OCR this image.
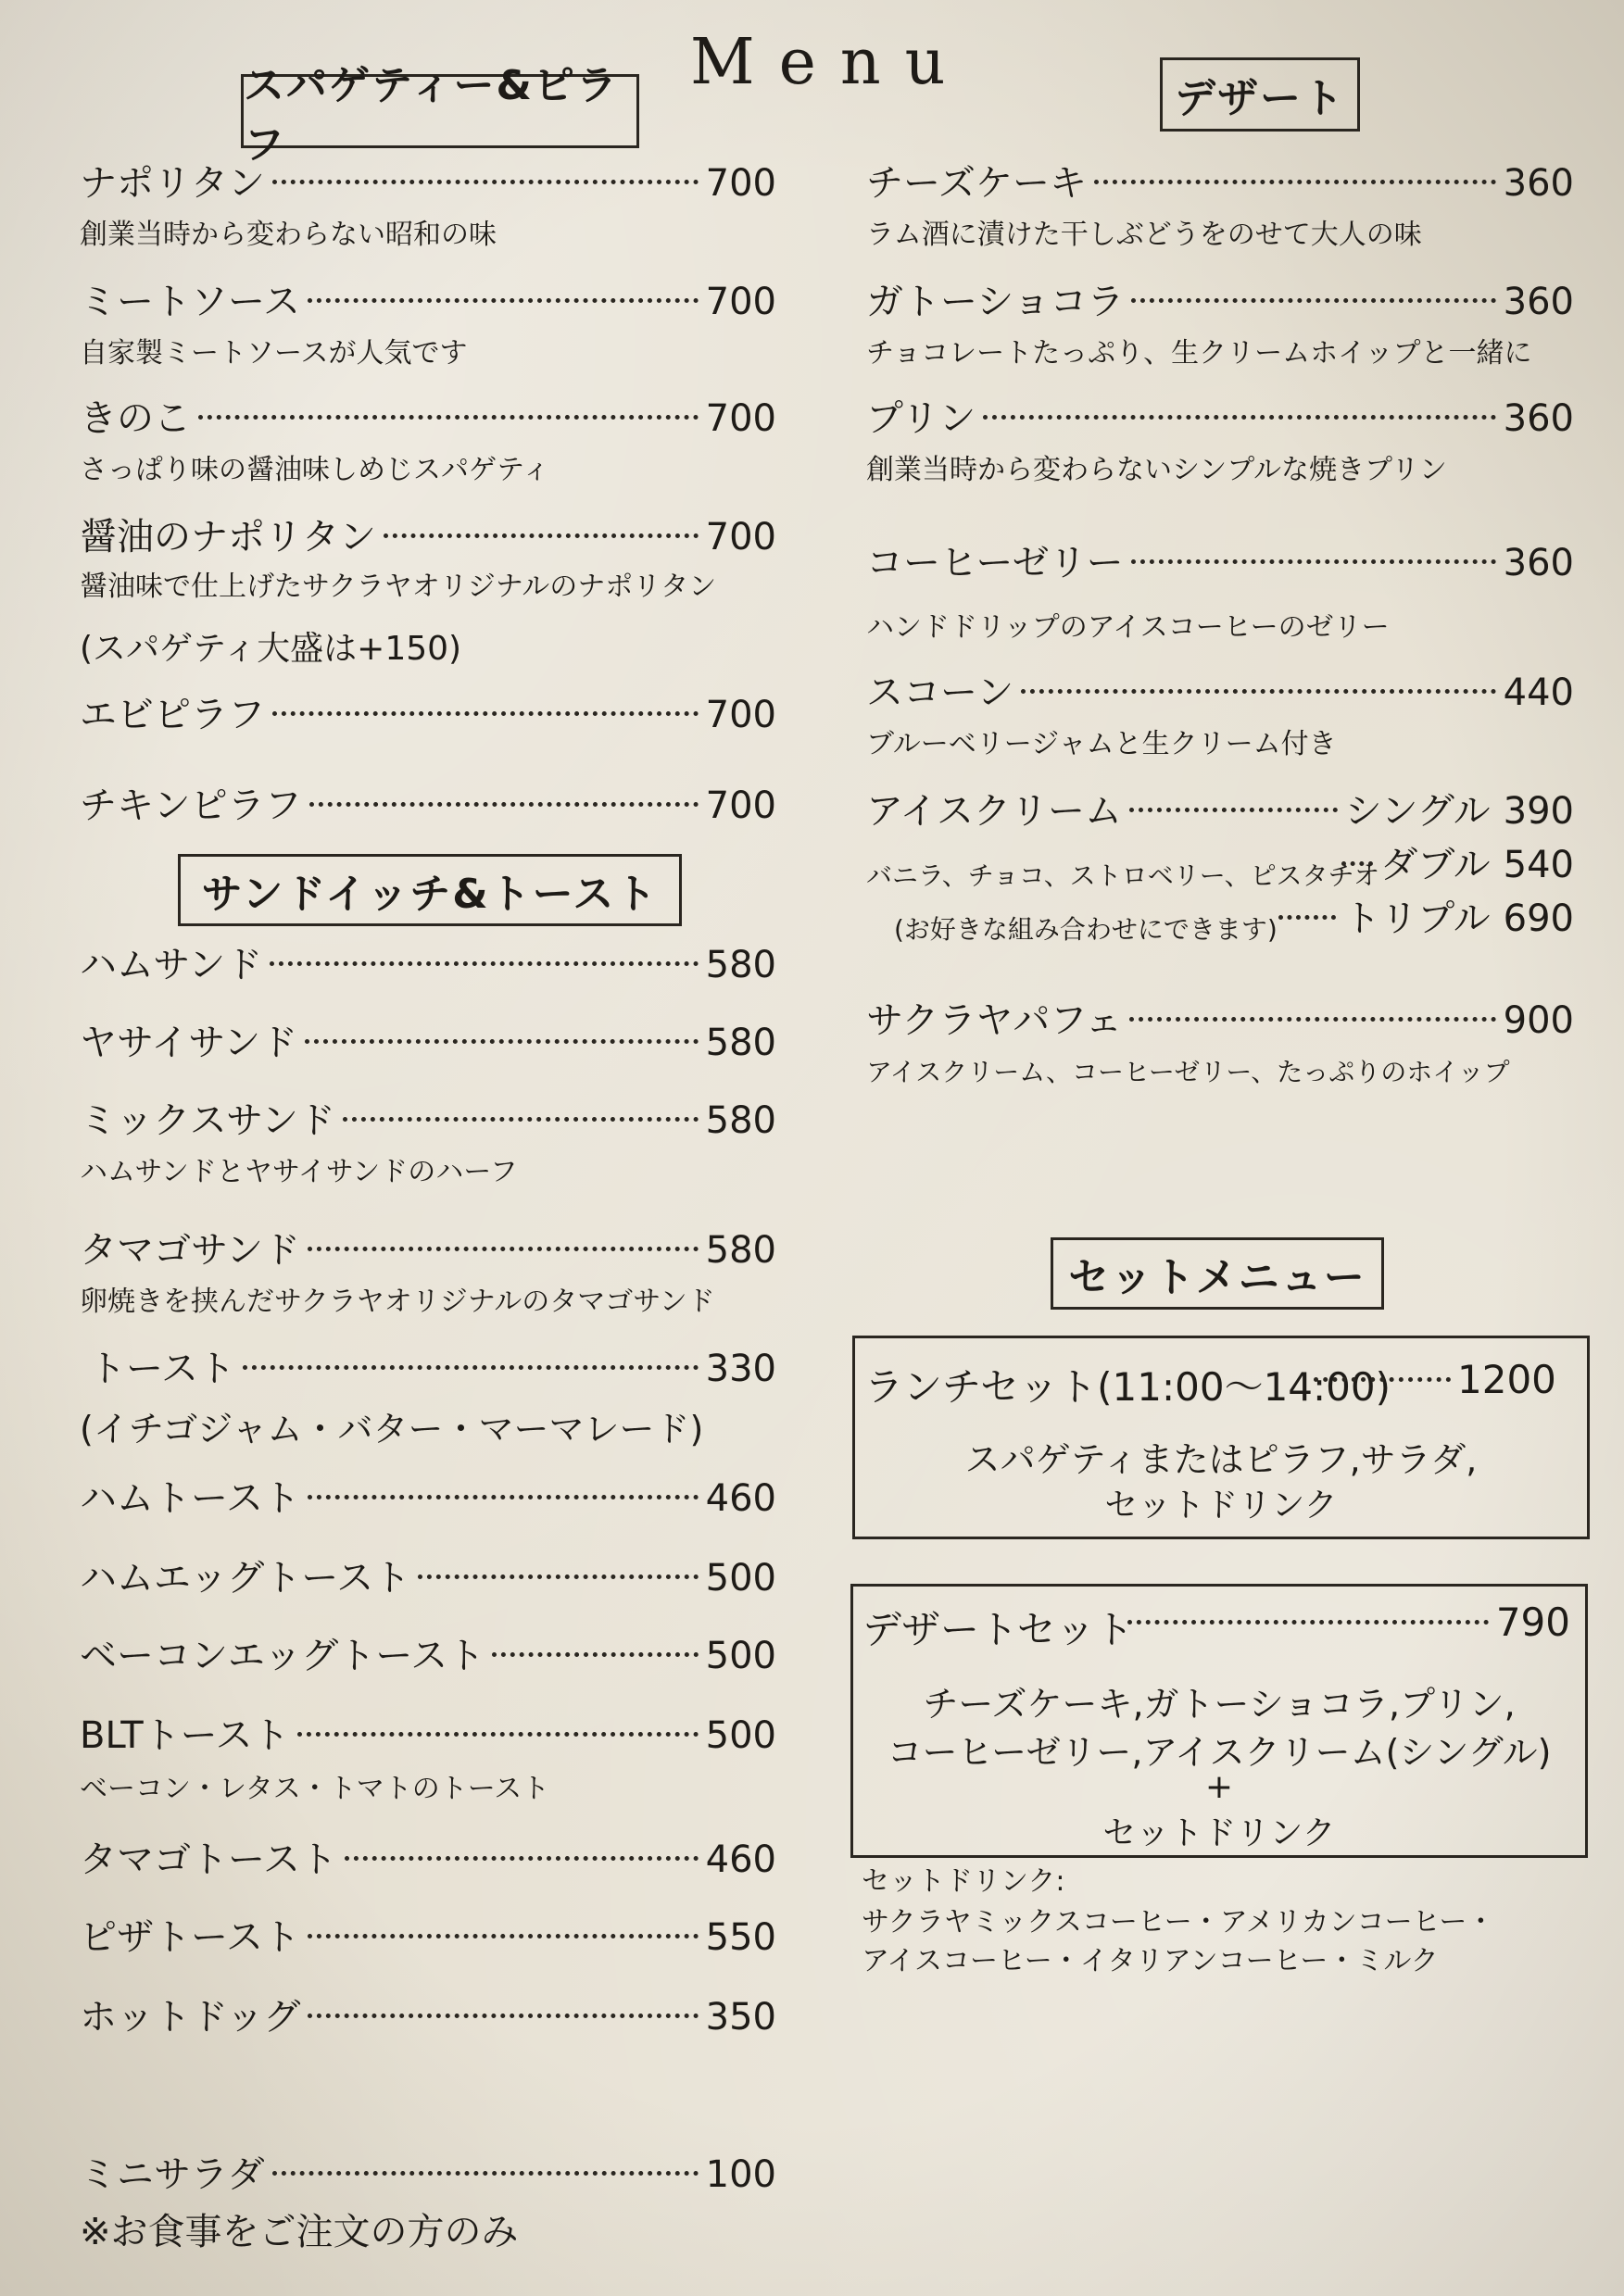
Menu
スパゲティー&ピラフ
ナポリタン	700
創業当時から変わらない昭和の味
ミートソース	700
自家製ミートソースが人気です
きのこ	700
さっぱり味の醤油味しめじスパゲティ
醤油のナポリタン	700
醤油味で仕上げたサクラヤオリジナルのナポリタン
(スパゲティ大盛は+150)
エビピラフ	700
チキンピラフ	700
サンドイッチ&トースト
ハムサンド	580
ヤサイサンド	580
ミックスサンド	580
ハムサンドとヤサイサンドのハーフ
タマゴサンド	580
卵焼きを挟んだサクラヤオリジナルのタマゴサンド
トースト	330
(イチゴジャム・バター・マーマレード)
ハムトースト	460
ハムエッグトースト	500
ベーコンエッグトースト	500
BLTトースト	500
ベーコン・レタス・トマトのトースト
タマゴトースト	460
ピザトースト	550
ホットドッグ	350
ミニサラダ	100
※お食事をご注文の方のみ
デザート
チーズケーキ	360
ラム酒に漬けた干しぶどうをのせて大人の味
ガトーショコラ	360
チョコレートたっぷり、生クリームホイップと一緒に
プリン	360
創業当時から変わらないシンプルな焼きプリン
コーヒーゼリー	360
ハンドドリップのアイスコーヒーのゼリー
スコーン	440
ブルーベリージャムと生クリーム付き
アイスクリーム	シングル 390
バニラ、チョコ、ストロベリー、ピスタチオ ダブル 540
(お好きな組み合わせにできます) トリプル 690
サクラヤパフェ	900
アイスクリーム、コーヒーゼリー、たっぷりのホイップ
セットメニュー
ランチセット(11:00〜14:00) 1200
スパゲティまたはピラフ,サラダ,
セットドリンク
デザートセット	790
チーズケーキ,ガトーショコラ,プリン,
コーヒーゼリー,アイスクリーム(シングル)
+
セットドリンク
セットドリンク:
サクラヤミックスコーヒー・アメリカンコーヒー・
アイスコーヒー・イタリアンコーヒー・ミルク
